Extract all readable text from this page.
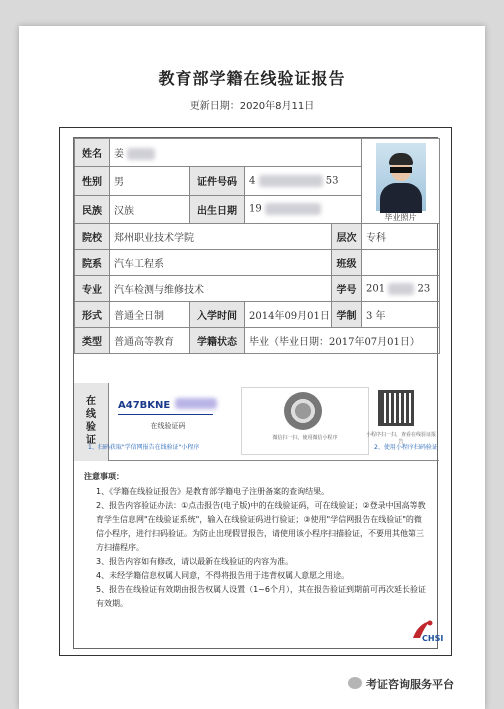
教育部学籍在线验证报告
更新日期：2020年8月11日
姓名	姜				毕业照片

性别	男	证件号码	4 53		
民族	汉族	出生日期	19		
院校	郑州职业技术学院			层次	专科
院系	汽车工程系			班级	
专业	汽车检测与维修技术			学号	201 23
形式	普通全日制	入学时间	2014年09月01日	学制	3 年
类型	普通高等教育	学籍状态	毕业（毕业日期：2017年07月01日）		
在线验证
A47BKNE
在线验证码
微信扫一扫，使用微信小程序
1、扫码获取"学信网报告在线验证"小程序
小程序扫一扫，查看在线验证报告
2、使用小程序扫码验证
注意事项：
1、《学籍在线验证报告》是教育部学籍电子注册备案的查询结果。
2、报告内容验证办法：①点击报告(电子版)中的在线验证码，可在线验证；②登录中国高等教育学生信息网"在线验证系统"，输入在线验证码进行验证；③使用"学信网报告在线验证"的微信小程序，进行扫码验证。为防止出现假冒报告，请使用该小程序扫描验证，不要用其他第三方扫描程序。
3、报告内容如有修改，请以最新在线验证的内容为准。
4、未经学籍信息权属人同意，不得将报告用于违背权属人意愿之用途。
5、报告在线验证有效期由报告权属人设置（1~6个月），其在报告验证到期前可再次延长验证有效期。
CHSI
考证咨询服务平台
